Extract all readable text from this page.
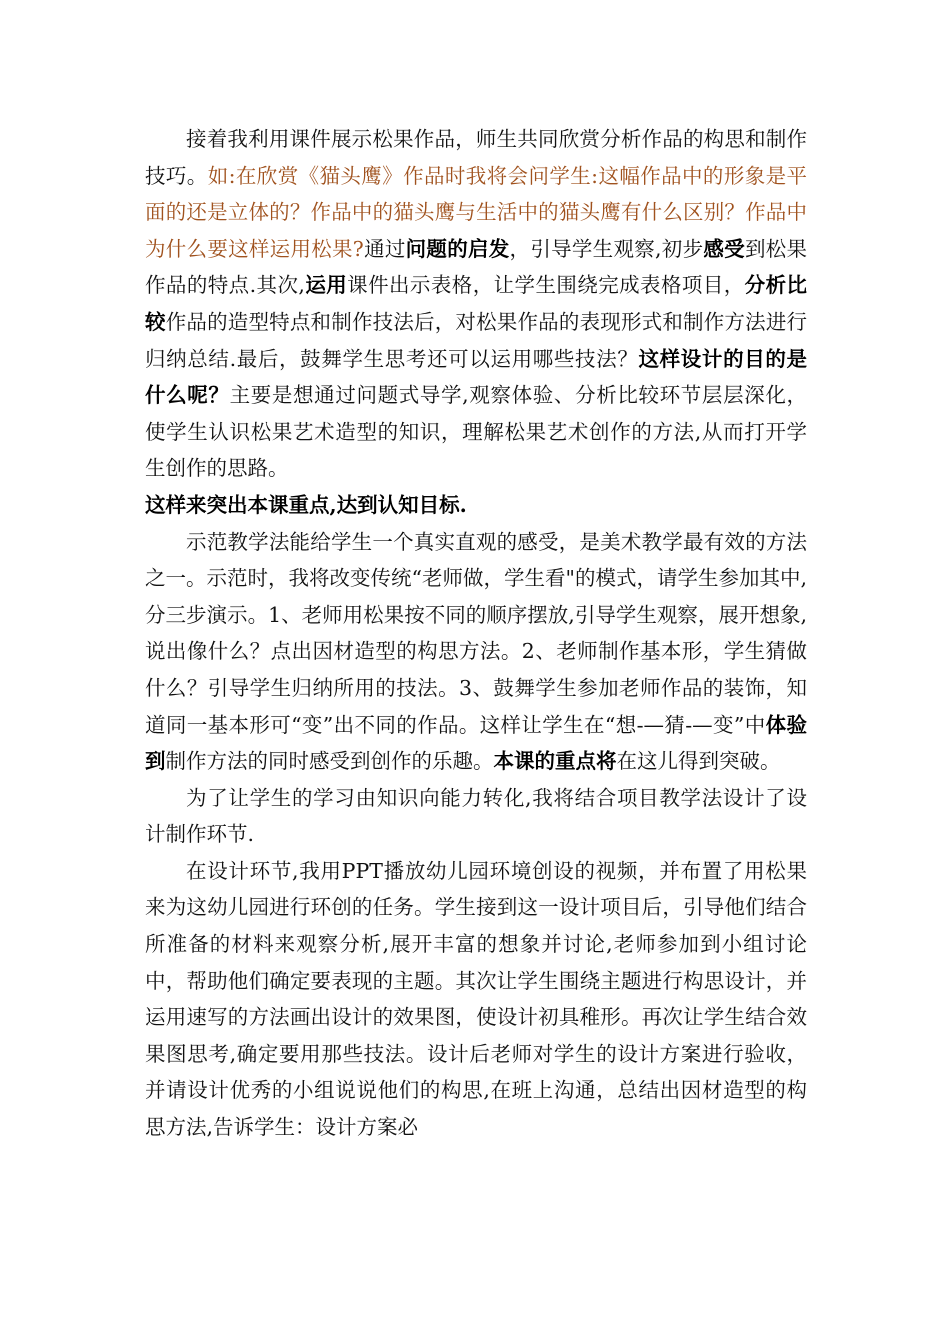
接着我利用课件展示松果作品，师生共同欣赏分析作品的构思和制作技巧。如:在欣赏《猫头鹰》作品时我将会问学生:这幅作品中的形象是平面的还是立体的？作品中的猫头鹰与生活中的猫头鹰有什么区别？作品中为什么要这样运用松果?通过问题的启发，引导学生观察,初步感受到松果作品的特点.其次,运用课件出示表格，让学生围绕完成表格项目，分析比较作品的造型特点和制作技法后，对松果作品的表现形式和制作方法进行归纳总结.最后，鼓舞学生思考还可以运用哪些技法？这样设计的目的是什么呢？主要是想通过问题式导学,观察体验、分析比较环节层层深化，使学生认识松果艺术造型的知识，理解松果艺术创作的方法,从而打开学生创作的思路。

这样来突出本课重点,达到认知目标.

示范教学法能给学生一个真实直观的感受，是美术教学最有效的方法之一。示范时，我将改变传统“老师做，学生看"的模式，请学生参加其中,分三步演示。1、老师用松果按不同的顺序摆放,引导学生观察，展开想象,说出像什么？点出因材造型的构思方法。2、老师制作基本形，学生猜做什么？引导学生归纳所用的技法。3、鼓舞学生参加老师作品的装饰，知道同一基本形可“变”出不同的作品。这样让学生在“想-—猜-—变”中体验到制作方法的同时感受到创作的乐趣。本课的重点将在这儿得到突破。

为了让学生的学习由知识向能力转化,我将结合项目教学法设计了设计制作环节.

在设计环节,我用PPT播放幼儿园环境创设的视频，并布置了用松果来为这幼儿园进行环创的任务。学生接到这一设计项目后，引导他们结合所准备的材料来观察分析,展开丰富的想象并讨论,老师参加到小组讨论中，帮助他们确定要表现的主题。其次让学生围绕主题进行构思设计，并运用速写的方法画出设计的效果图，使设计初具稚形。再次让学生结合效果图思考,确定要用那些技法。设计后老师对学生的设计方案进行验收，并请设计优秀的小组说说他们的构思,在班上沟通，总结出因材造型的构思方法,告诉学生：设计方案必
